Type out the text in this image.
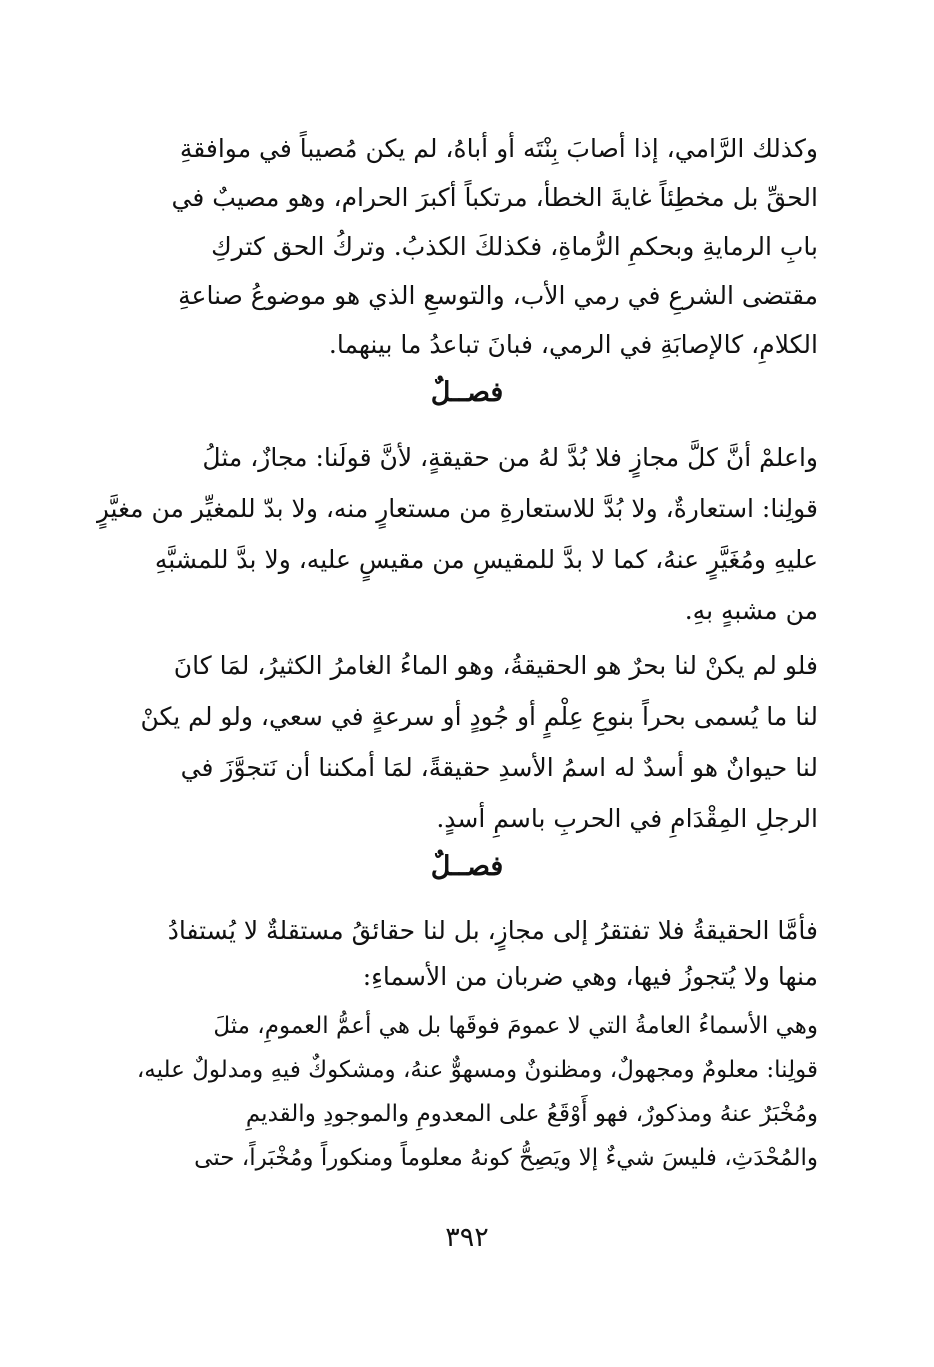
وكذلك الرَّامي، إذا أصابَ بِنْتَه أو أباهُ، لم يكن مُصيباً في موافقةِ
الحقِّ بل مخطِئاً غايةَ الخطأ، مرتكباً أكبرَ الحرام، وهو مصيبٌ في
بابِ الرمايةِ وبحكمِ الرُّماةِ، فكذلكَ الكذبُ. وتركُ الحق كتركِ
مقتضى الشرعِ في رمي الأب، والتوسعِ الذي هو موضوعُ صناعةِ
الكلامِ، كالإصابَةِ في الرمي، فبانَ تباعدُ ما بينهما.
فصــلٌ
واعلمْ أنَّ كلَّ مجازٍ فلا بُدَّ لهُ من حقيقةٍ، لأنَّ قولَنا: مجازٌ، مثلُ
قولِنا: استعارةٌ، ولا بُدَّ للاستعارةِ من مستعارٍ منه، ولا بدّ للمغيِّر من مغيَّرٍ
عليهِ ومُغَيَّرٍ عنهُ، كما لا بدَّ للمقيسِ من مقيسٍ عليه، ولا بدَّ للمشبَّهِ
من مشبهٍ بهِ.
فلو لم يكنْ لنا بحرٌ هو الحقيقةُ، وهو الماءُ الغامرُ الكثيرُ، لمَا كانَ
لنا ما يُسمى بحراً بنوعِ عِلْمٍ أو جُودٍ أو سرعةٍ في سعي، ولو لم يكنْ
لنا حيوانٌ هو أسدٌ له اسمُ الأسدِ حقيقةً، لمَا أمكننا أن نَتجوَّزَ في
الرجلِ المِقْدَامِ في الحربِ باسمِ أسدٍ.
فصــلٌ
فأمَّا الحقيقةُ فلا تفتقرُ إلى مجازٍ، بل لنا حقائقُ مستقلةٌ لا يُستفادُ
منها ولا يُتجوزُ فيها، وهي ضربان من الأسماءِ:
وهي الأسماءُ العامةُ التي لا عمومَ فوقَها بل هي أعمُّ العمومِ، مثلَ
قولِنا: معلومٌ ومجهولٌ، ومظنونٌ ومسهوٌّ عنهُ، ومشكوكٌ فيهِ ومدلولٌ عليه،
ومُخْبَرٌ عنهُ ومذكورٌ، فهو أَوْقَعُ على المعدومِ والموجودِ والقديمِ
والمُحْدَثِ، فليسَ شيءٌ إلا ويَصِحُّ كونهُ معلوماً ومنكوراً ومُخْبَراً، حتى
٣٩٢
